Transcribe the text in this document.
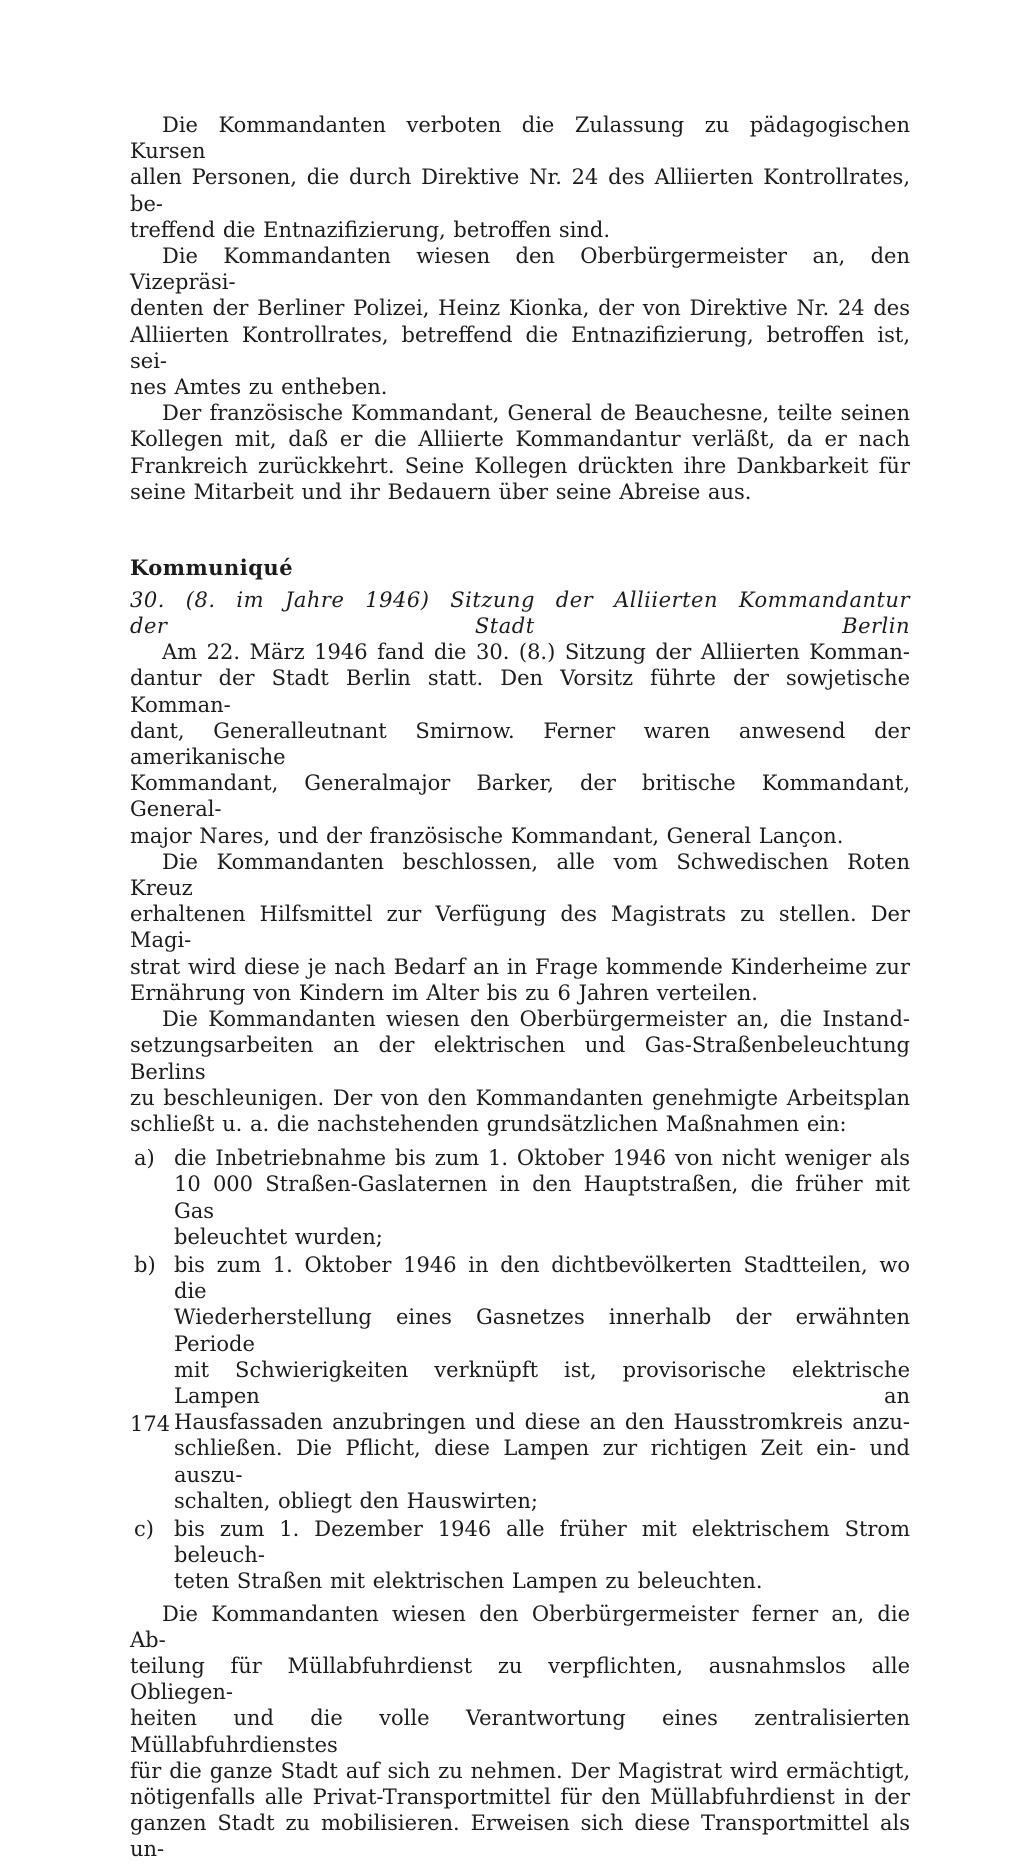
Die Kommandanten verboten die Zulassung zu pädagogischen Kursen
allen Personen, die durch Direktive Nr. 24 des Alliierten Kontrollrates, be-
treffend die Entnazifizierung, betroffen sind.
Die Kommandanten wiesen den Oberbürgermeister an, den Vizepräsi-
denten der Berliner Polizei, Heinz Kionka, der von Direktive Nr. 24 des
Alliierten Kontrollrates, betreffend die Entnazifizierung, betroffen ist, sei-
nes Amtes zu entheben.
Der französische Kommandant, General de Beauchesne, teilte seinen
Kollegen mit, daß er die Alliierte Kommandantur verläßt, da er nach
Frankreich zurückkehrt. Seine Kollegen drückten ihre Dankbarkeit für
seine Mitarbeit und ihr Bedauern über seine Abreise aus.
Kommuniqué
30. (8. im Jahre 1946) Sitzung der Alliierten Kommandantur
der Stadt Berlin
Am 22. März 1946 fand die 30. (8.) Sitzung der Alliierten Komman-
dantur der Stadt Berlin statt. Den Vorsitz führte der sowjetische Komman-
dant, Generalleutnant Smirnow. Ferner waren anwesend der amerikanische
Kommandant, Generalmajor Barker, der britische Kommandant, General-
major Nares, und der französische Kommandant, General Lançon.
Die Kommandanten beschlossen, alle vom Schwedischen Roten Kreuz
erhaltenen Hilfsmittel zur Verfügung des Magistrats zu stellen. Der Magi-
strat wird diese je nach Bedarf an in Frage kommende Kinderheime zur
Ernährung von Kindern im Alter bis zu 6 Jahren verteilen.
Die Kommandanten wiesen den Oberbürgermeister an, die Instand-
setzungsarbeiten an der elektrischen und Gas-Straßenbeleuchtung Berlins
zu beschleunigen. Der von den Kommandanten genehmigte Arbeitsplan
schließt u. a. die nachstehenden grundsätzlichen Maßnahmen ein:
a) die Inbetriebnahme bis zum 1. Oktober 1946 von nicht weniger als
10 000 Straßen-Gaslaternen in den Hauptstraßen, die früher mit Gas
beleuchtet wurden;
b) bis zum 1. Oktober 1946 in den dichtbevölkerten Stadtteilen, wo die
Wiederherstellung eines Gasnetzes innerhalb der erwähnten Periode
mit Schwierigkeiten verknüpft ist, provisorische elektrische Lampen an
Hausfassaden anzubringen und diese an den Hausstromkreis anzu-
schließen. Die Pflicht, diese Lampen zur richtigen Zeit ein- und auszu-
schalten, obliegt den Hauswirten;
c) bis zum 1. Dezember 1946 alle früher mit elektrischem Strom beleuch-
teten Straßen mit elektrischen Lampen zu beleuchten.
Die Kommandanten wiesen den Oberbürgermeister ferner an, die Ab-
teilung für Müllabfuhrdienst zu verpflichten, ausnahmslos alle Obliegen-
heiten und die volle Verantwortung eines zentralisierten Müllabfuhrdienstes
für die ganze Stadt auf sich zu nehmen. Der Magistrat wird ermächtigt,
nötigenfalls alle Privat-Transportmittel für den Müllabfuhrdienst in der
ganzen Stadt zu mobilisieren. Erweisen sich diese Transportmittel als un-
174
